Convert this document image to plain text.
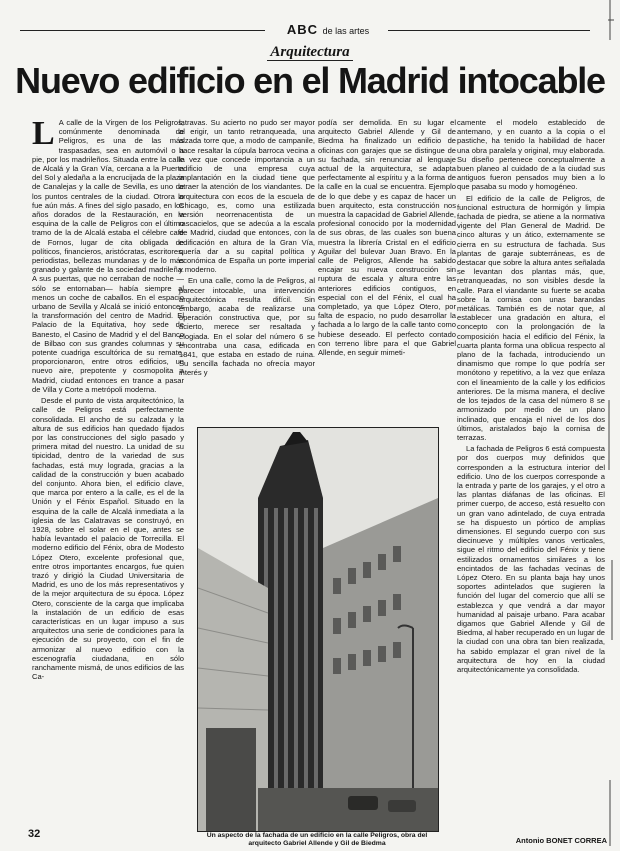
ABC de las artes
Arquitectura
Nuevo edificio en el Madrid intocable

L A calle de la Virgen de los Peligros, comúnmente denominada de Peligros, es una de las más traspasadas, sea en automóvil o a pie, por los madrileños. Situada entre la calle de Alcalá y la Gran Vía, cercana a la Puerta del Sol y aledaña a la encrucijada de la plaza de Canalejas y la calle de Sevilla, es uno de los puntos centrales de la ciudad. Otrora lo fue aún más. A fines del siglo pasado, en los años dorados de la Restauración, en la esquina de la calle de Peligros con el último tramo de la de Alcalá estaba el célebre café de Fornos, lugar de cita obligada de políticos, financieros, aristócratas, escritores, periodistas, bellezas mundanas y de lo más granado y galante de la sociedad madrileña. A sus puertas, que no cerraban de noche —sólo se entornaban— había siempre al menos un coche de caballos. En el espacio urbano de Sevilla y Alcalá se inició entonces la transformación del centro de Madrid. El Palacio de la Equitativa, hoy sede de Banesto, el Casino de Madrid y el del Banco de Bilbao con sus grandes columnas y su potente cuadriga escultórica de su remate, proporcionaron, entre otros edificios, un nuevo aire, prepotente y cosmopolita a Madrid, ciudad entonces en trance a pasar de Villa y Corte a metrópoli moderna.

Desde el punto de vista arquitectónico, la calle de Peligros está perfectamente consolidada. El ancho de su calzada y la altura de sus edificios han quedado fijados por las construcciones del siglo pasado y primera mitad del nuestro. La unidad de su tipicidad, dentro de la variedad de sus fachadas, está muy lograda, gracias a la calidad de la construcción y buen acabado del conjunto. Ahora bien, el edificio clave, que marca por entero a la calle, es el de la Unión y el Fénix Español. Situado en la esquina de la calle de Alcalá inmediata a la iglesia de las Calatravas se construyó, en 1928, sobre el solar en el que, antes se había levantado el palacio de Torrecilla. El moderno edificio del Fénix, obra de Modesto López Otero, excelente profesional que, entre otros importantes encargos, fue quien trazó y dirigió la Ciudad Universitaria de Madrid, es uno de los más representativos y de la mejor arquitectura de su época. López Otero, consciente de la carga que implicaba la instalación de un edificio de esas características en un lugar impuso a sus arquitectos una serie de condiciones para la ejecución de su proyecto, con el fin de armonizar al nuevo edificio con la escenografía ciudadana, en sólo ranchamente mismá, de unos edificios de las Ca-

latravas. Su acierto no pudo ser mayor al erigir, un tanto retranqueada, una alzada torre que, a modo de campanile, hace resaltar la cúpula barroca vecina a la vez que concede importancia a un edificio de una empresa cuya implantación en la ciudad tiene que atraer la atención de los viandantes. De arquitectura con ecos de la escuela de Chicago, es, como una estilizada versión neorrenacentista de un rascacielos, que se adecúa a la escala de Madrid, ciudad que entonces, con la edificación en altura de la Gran Vía, quería dar a su capital política y económica de España un porte imperial y moderno.

En una calle, como la de Peligros, al parecer intocable, una intervención arquitectónica resulta difícil. Sin embargo, acaba de realizarse una operación constructiva que, por su acierto, merece ser resaltada y elogiada. En el solar del número 6 se encontraba una casa, edificada en 1841, que estaba en estado de ruina. Su sencilla fachada no ofrecía mayor interés y

podía ser demolida. En su lugar el arquitecto Gabriel Allende y Gil de Biedma ha finalizado un edificio de oficinas con garajes que se distingue de su fachada, sin renunciar al lenguaje actual de la arquitectura, se adapta perfectamente al espíritu y a la forma de la calle en la cual se encuentra. Ejemplo de lo que debe y es capaz de hacer un buen arquitecto, esta construcción nos muestra la capacidad de Gabriel Allende, profesional conocido por la modernidad de sus obras, de las cuales son buena muestra la librería Cristal en el edificio Aguilar del bulevar Juan Bravo. En la calle de Peligros, Allende ha sabido encajar su nueva construcción sin ruptura de escala y altura entre las anteriores edificios contiguos, en especial con el del Fénix, el cual ha completado, ya que López Otero, por falta de espacio, no pudo desarrollar la fachada a lo largo de la calle tanto como hubiese deseado. El perfecto contado con terreno libre para el que Gabriel Allende, en seguir mimeti-

camente el modelo establecido de antemano, y en cuanto a la copia o el pastiche, ha tenido la habilidad de hacer una obra paralela y original, muy elaborada. Su diseño pertenece conceptualmente a buen planeo al cuidado de a la ciudad sus antiguos fueron pensados muy bien a lo que pasaba su modo y homogéneo.

El edificio de la calle de Peligros, de funcional estructura de hormigón y limpia fachada de piedra, se atiene a la normativa vigente del Plan General de Madrid. De cinco alturas y un ático, externamente se cierra en su estructura de fachada. Sus plantas de garaje subterráneas, es de destacar que sobre la altura antes señalada se levantan dos plantas más, que, retranqueadas, no son visibles desde la calle. Para el viandante su fuerte se acaba sobre la cornisa con unas barandas metálicas. También es de notar que, al establecer una gradación en altura, el concepto con la prolongación de la composición hacia el edificio del Fénix, la cuarta planta forma una oblicua respecto al plano de la fachada, introduciendo un dinamismo que rompe lo que podría ser monótono y repetitivo, a la vez que enlaza con el lineamiento de la calle y los edificios anteriores. De la misma manera, el declive de los tejados de la casa del número 8 se armonizado por medio de un plano inclinado, que encaja el nivel de los dos últimos, aristalados bajo la cornisa de terrazas.

La fachada de Peligros 6 está compuesta por dos cuerpos muy definidos que corresponden a la estructura interior del edificio. Uno de los cuerpos corresponde a la entrada y parte de los garajes, y el otro a las plantas diáfanas de las oficinas. El primer cuerpo, de acceso, está resuelto con un gran vano adintelado, de cuya entrada se ha dispuesto un pórtico de amplias dimensiones. El segundo cuerpo con sus diecinueve y múltiples vanos verticales, sigue el ritmo del edificio del Fénix y tiene estilizados ornamentos similares a los encintados de las fachadas vecinas de López Otero. En su planta baja hay unos soportes adintelados que sugieren la función del lugar del comercio que allí se establezca y que vendrá a dar mayor humanidad al paisaje urbano. Para acabar digamos que Gabriel Allende y Gil de Biedma, al haber recuperado en un lugar de la ciudad con una obra tan bien realizada, ha sabido emplazar el gran nivel de la arquitectura de hoy en la ciudad arquitectónicamente ya consolidada.

Un aspecto de la fachada de un edificio en la calle Peligros, obra del arquitecto Gabriel Allende y Gil de Biedma	Antonio BONET CORREA
32
